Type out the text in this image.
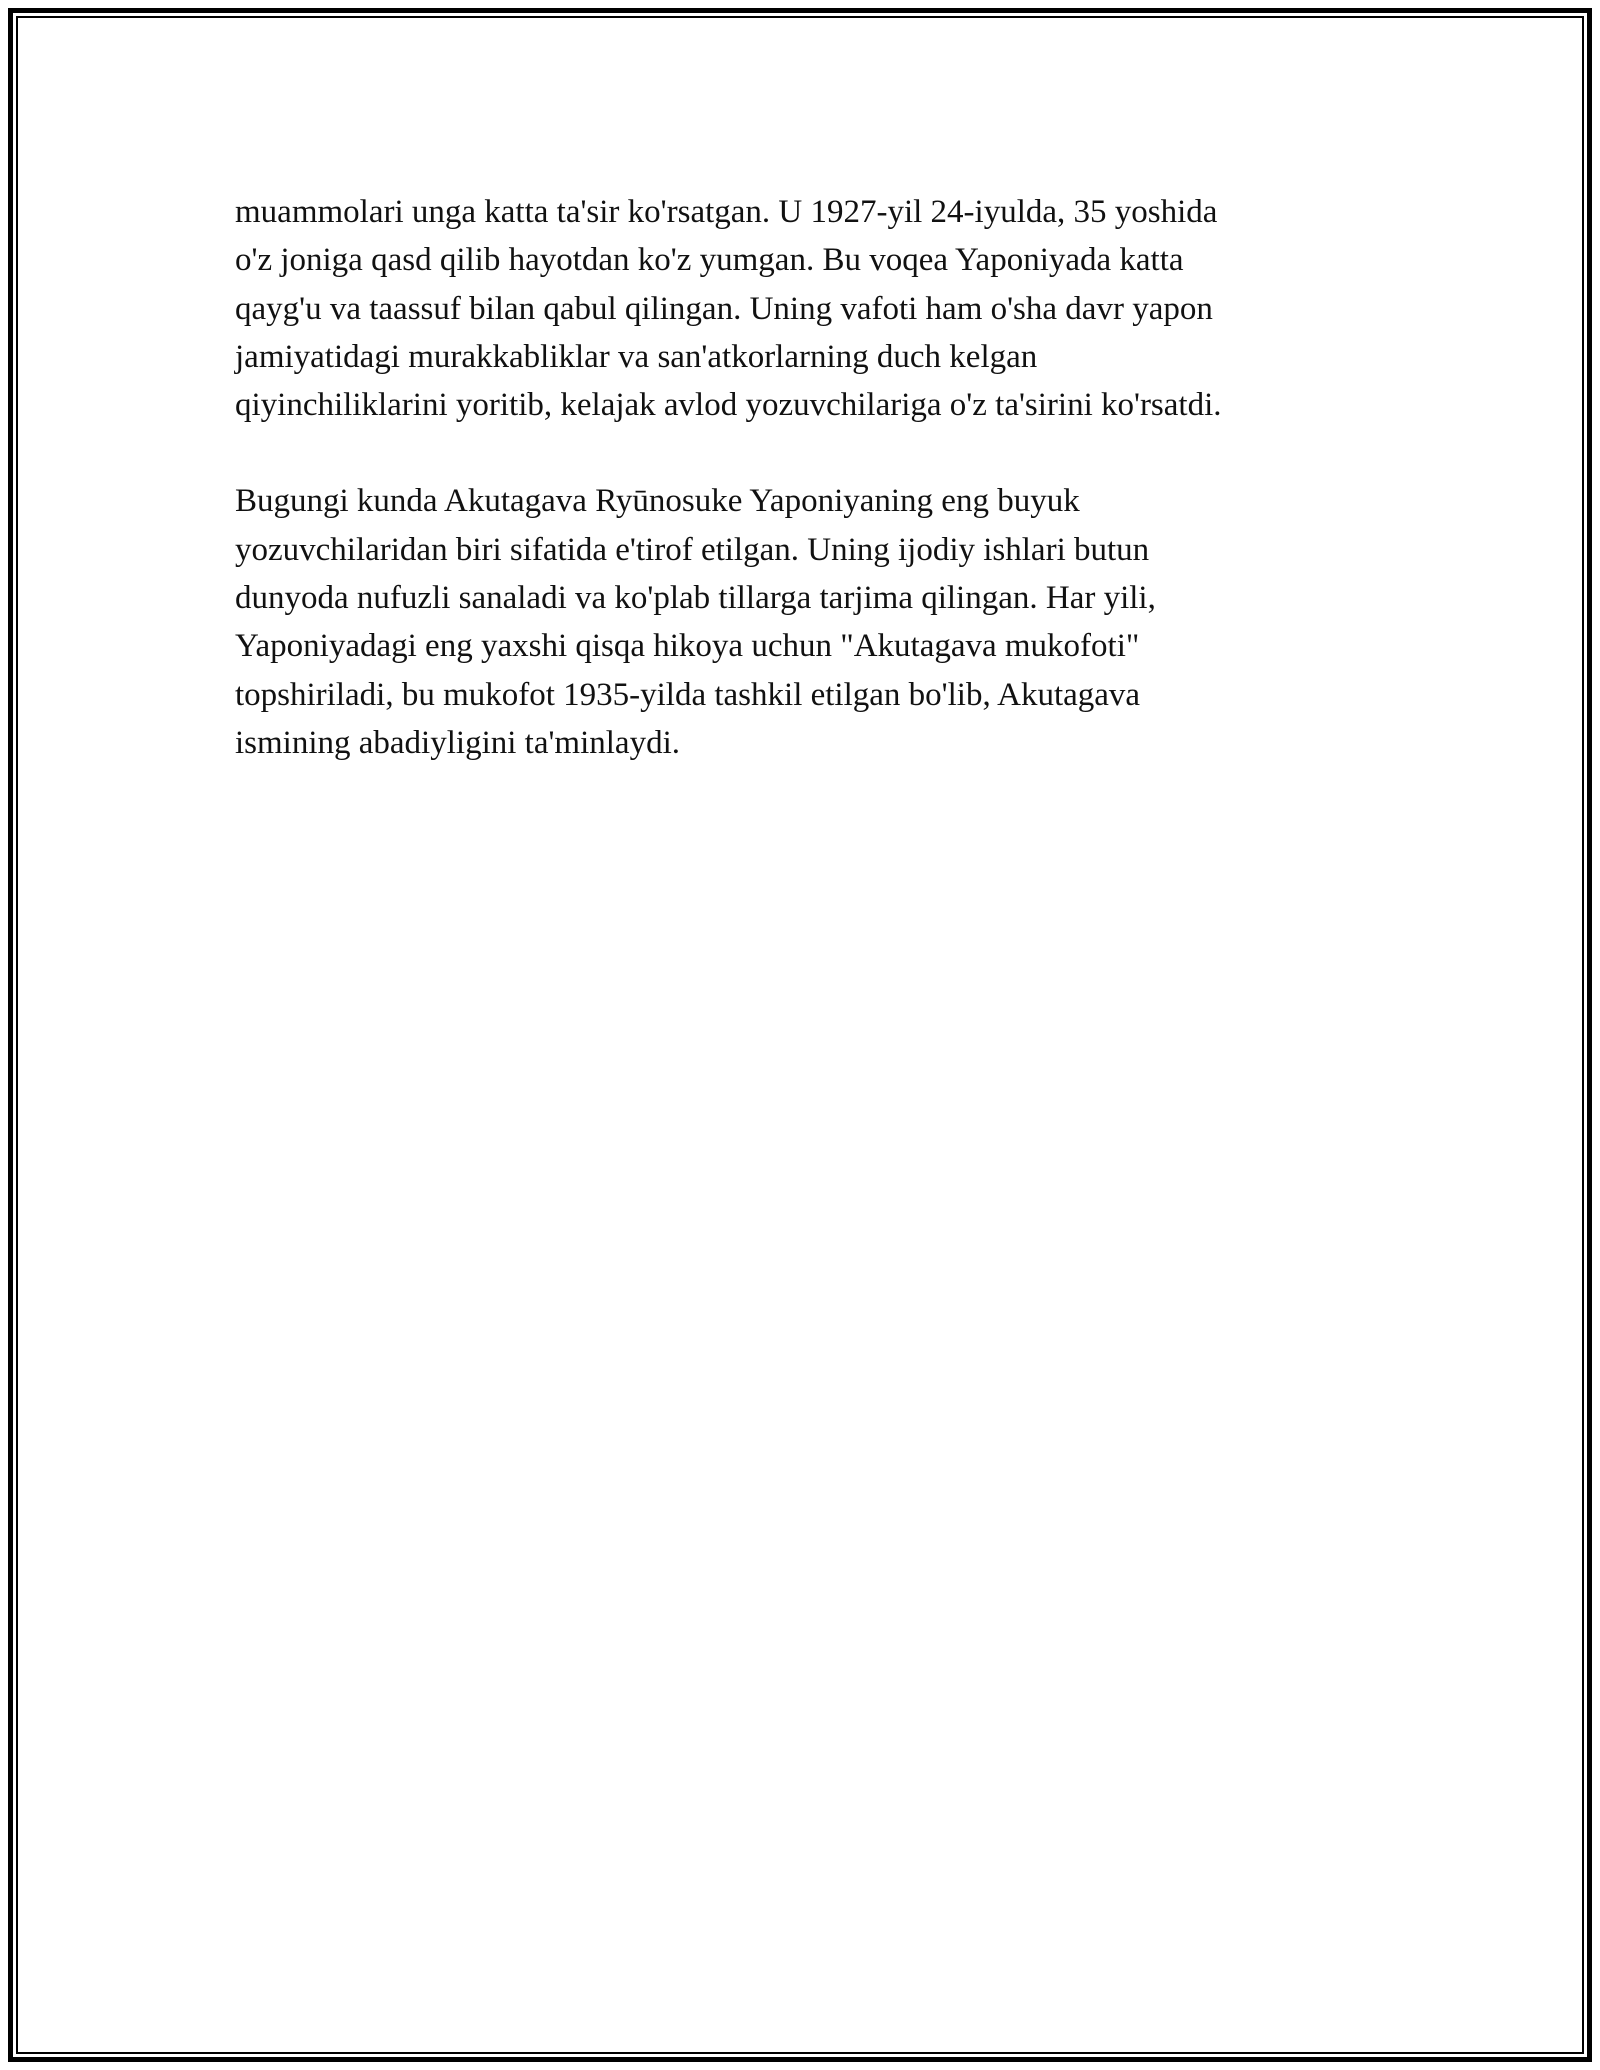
muammolari unga katta ta'sir ko'rsatgan. U 1927-yil 24-iyulda, 35 yoshida
o'z joniga qasd qilib hayotdan ko'z yumgan. Bu voqea Yaponiyada katta
qayg'u va taassuf bilan qabul qilingan. Uning vafoti ham o'sha davr yapon
jamiyatidagi murakkabliklar va san'atkorlarning duch kelgan
qiyinchiliklarini yoritib, kelajak avlod yozuvchilariga o'z ta'sirini ko'rsatdi.

Bugungi kunda Akutagava Ryūnosuke Yaponiyaning eng buyuk
yozuvchilaridan biri sifatida e'tirof etilgan. Uning ijodiy ishlari butun
dunyoda nufuzli sanaladi va ko'plab tillarga tarjima qilingan. Har yili,
Yaponiyadagi eng yaxshi qisqa hikoya uchun "Akutagava mukofoti"
topshiriladi, bu mukofot 1935-yilda tashkil etilgan bo'lib, Akutagava
ismining abadiyligini ta'minlaydi.
